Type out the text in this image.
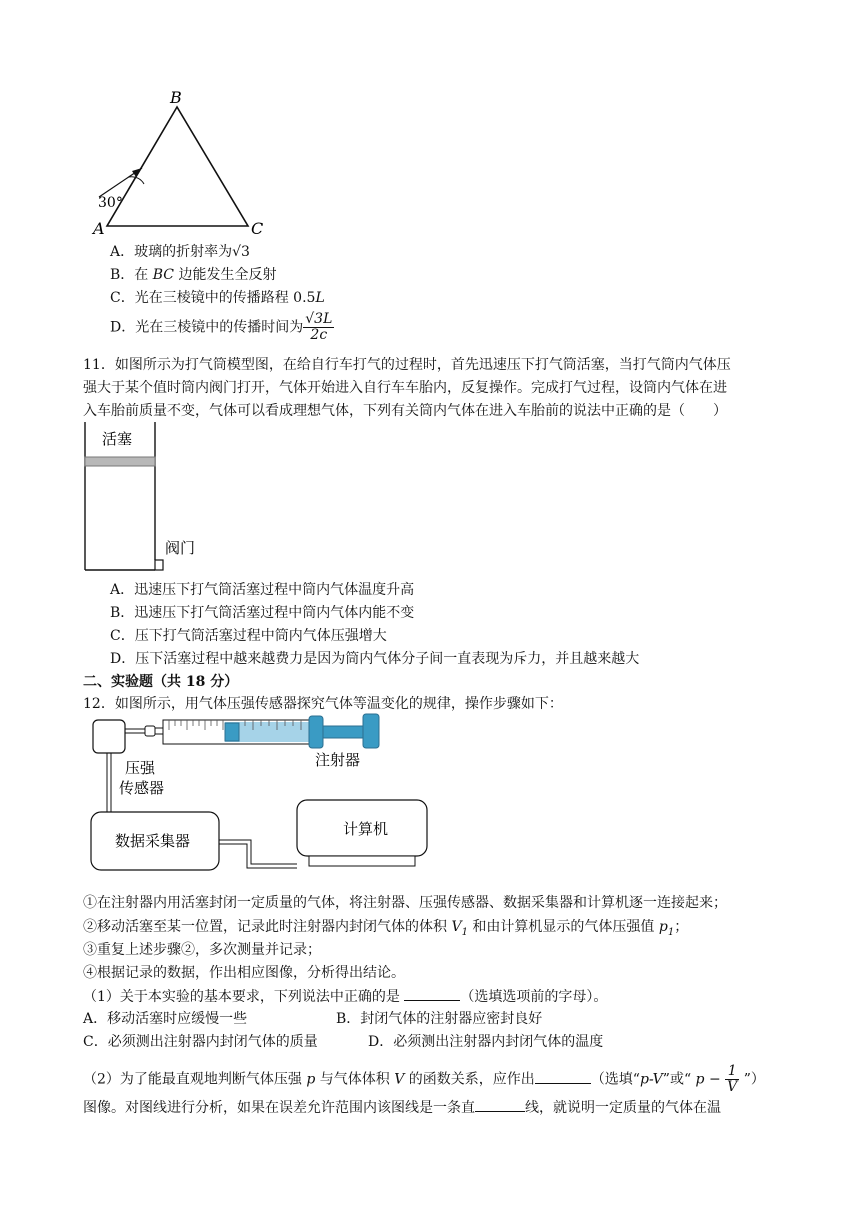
B
A	C
30°
A．玻璃的折射率为√3
B．在 BC 边能发生全反射
C．光在三棱镜中的传播路程 0.5L
D．光在三棱镜中的传播时间为 $\frac{√3L}{2c}$
11．如图所示为打气筒模型图，在给自行车打气的过程时，首先迅速压下打气筒活塞，当打气筒内气体压
强大于某个值时筒内阀门打开，气体开始进入自行车车胎内，反复操作。完成打气过程，设筒内气体在进
入车胎前质量不变，气体可以看成理想气体，下列有关筒内气体在进入车胎前的说法中正确的是（　　）
活塞
阀门
A．迅速压下打气筒活塞过程中筒内气体温度升高
B．迅速压下打气筒活塞过程中筒内气体内能不变
C．压下打气筒活塞过程中筒内气体压强增大
D．压下活塞过程中越来越费力是因为筒内气体分子间一直表现为斥力，并且越来越大
二、实验题（共 18 分）
12．如图所示，用气体压强传感器探究气体等温变化的规律，操作步骤如下：
注射器
压强
传感器
数据采集器
计算机
①在注射器内用活塞封闭一定质量的气体，将注射器、压强传感器、数据采集器和计算机逐一连接起来；
②移动活塞至某一位置，记录此时注射器内封闭气体的体积 $V_1$ 和由计算机显示的气体压强值 $p_1$；
③重复上述步骤②，多次测量并记录；
④根据记录的数据，作出相应图像，分析得出结论。
（1）关于本实验的基本要求，下列说法中正确的是	（选填选项前的字母）。
A．移动活塞时应缓慢一些	B．封闭气体的注射器应密封良好
C．必须测出注射器内封闭气体的质量	D．必须测出注射器内封闭气体的温度
（2）为了能最直观地判断气体压强 p 与气体体积 V 的函数关系，应作出	（选填“p-V”或“ $p - \frac{1}{V}$ ”）
图像。对图线进行分析，如果在误差允许范围内该图线是一条直	线，就说明一定质量的气体在温
